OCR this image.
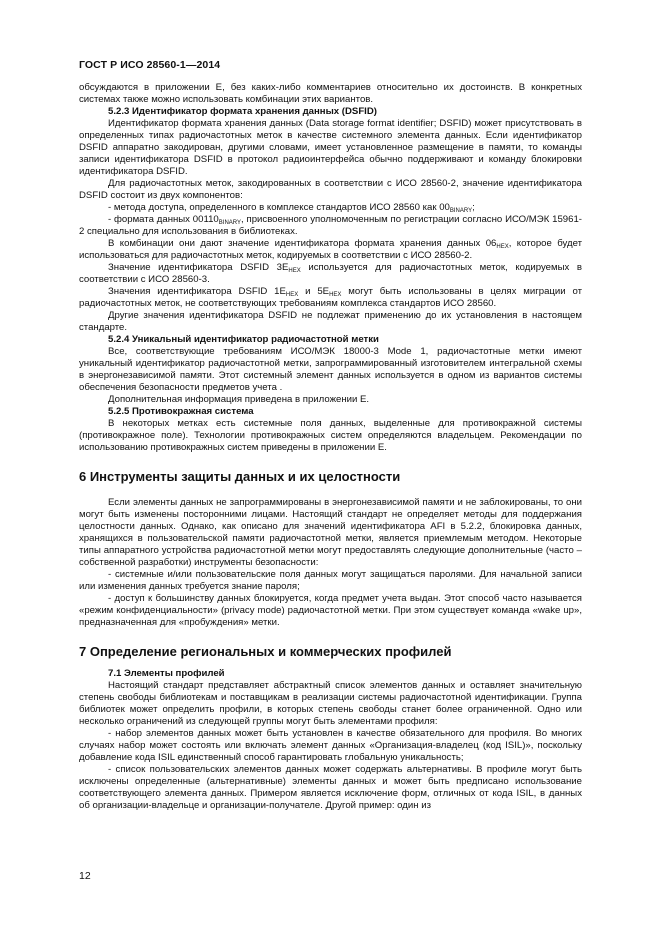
ГОСТ Р ИСО 28560-1—2014

обсуждаются в приложении Е, без каких-либо комментариев относительно их достоинств. В конкретных системах также можно использовать комбинации этих вариантов.

5.2.3 Идентификатор формата хранения данных (DSFID)

Идентификатор формата хранения данных (Data storage format identifier; DSFID) может присутствовать в определенных типах радиочастотных меток в качестве системного элемента данных. Если идентификатор DSFID аппаратно закодирован, другими словами, имеет установленное размещение в памяти, то команды записи идентификатора DSFID в протокол радиоинтерфейса обычно поддерживают и команду блокировки идентификатора DSFID.

Для радиочастотных меток, закодированных в соответствии с ИСО 28560-2, значение идентификатора DSFID состоит из двух компонентов:

- метода доступа, определенного в комплексе стандартов ИСО 28560 как $00_{BINARY}$;

- формата данных $00110_{BINARY}$, присвоенного уполномоченным по регистрации согласно ИСО/МЭК 15961-2 специально для использования в библиотеках.

В комбинации они дают значение идентификатора формата хранения данных $06_{HEX}$, которое будет использоваться для радиочастотных меток, кодируемых в соответствии с ИСО 28560-2.

Значение идентификатора DSFID $3E_{HEX}$ используется для радиочастотных меток, кодируемых в соответствии с ИСО 28560-3.

Значения идентификатора DSFID $1E_{HEX}$ и $5E_{HEX}$ могут быть использованы в целях миграции от радиочастотных меток, не соответствующих требованиям комплекса стандартов ИСО 28560.

Другие значения идентификатора DSFID не подлежат применению до их установления в настоящем стандарте.

5.2.4 Уникальный идентификатор радиочастотной метки

Все, соответствующие требованиям ИСО/МЭК 18000-3 Mode 1, радиочастотные метки имеют уникальный идентификатор радиочастотной метки, запрограммированный изготовителем интегральной схемы в энергонезависимой памяти. Этот системный элемент данных используется в одном из вариантов системы обеспечения безопасности предметов учета .

Дополнительная информация приведена в приложении Е.

5.2.5 Противокражная система

В некоторых метках есть системные поля данных, выделенные для противокражной системы (противокражное поле). Технологии противокражных систем определяются владельцем. Рекомендации по использованию противокражных систем приведены в приложении Е.

6 Инструменты защиты данных и их целостности

Если элементы данных не запрограммированы в энергонезависимой памяти и не заблокированы, то они могут быть изменены посторонними лицами. Настоящий стандарт не определяет методы для поддержания целостности данных. Однако, как описано для значений идентификатора AFI в 5.2.2, блокировка данных, хранящихся в пользовательской памяти радиочастотной метки, является приемлемым методом. Некоторые типы аппаратного устройства радиочастотной метки могут предоставлять следующие дополнительные (часто – собственной разработки) инструменты безопасности:

- системные и/или пользовательские поля данных могут защищаться паролями. Для начальной записи или изменения данных требуется знание пароля;

- доступ к большинству данных блокируется, когда предмет учета выдан. Этот способ часто называется «режим конфиденциальности» (privacy mode) радиочастотной метки. При этом существует команда «wake up», предназначенная для «пробуждения» метки.

7 Определение региональных и коммерческих профилей

7.1 Элементы профилей

Настоящий стандарт представляет абстрактный список элементов данных и оставляет значительную степень свободы библиотекам и поставщикам в реализации системы радиочастотной идентификации. Группа библиотек может определить профили, в которых степень свободы станет более ограниченной. Одно или несколько ограничений из следующей группы могут быть элементами профиля:

- набор элементов данных может быть установлен в качестве обязательного для профиля. Во многих случаях набор может состоять или включать элемент данных «Организация-владелец (код ISIL)», поскольку добавление кода ISIL единственный способ гарантировать глобальную уникальность;

- список пользовательских элементов данных может содержать альтернативы. В профиле могут быть исключены определенные (альтернативные) элементы данных и может быть предписано использование соответствующего элемента данных. Примером является исключение форм, отличных от кода ISIL, в данных об организации-владельце и организации-получателе. Другой пример: один из

12
